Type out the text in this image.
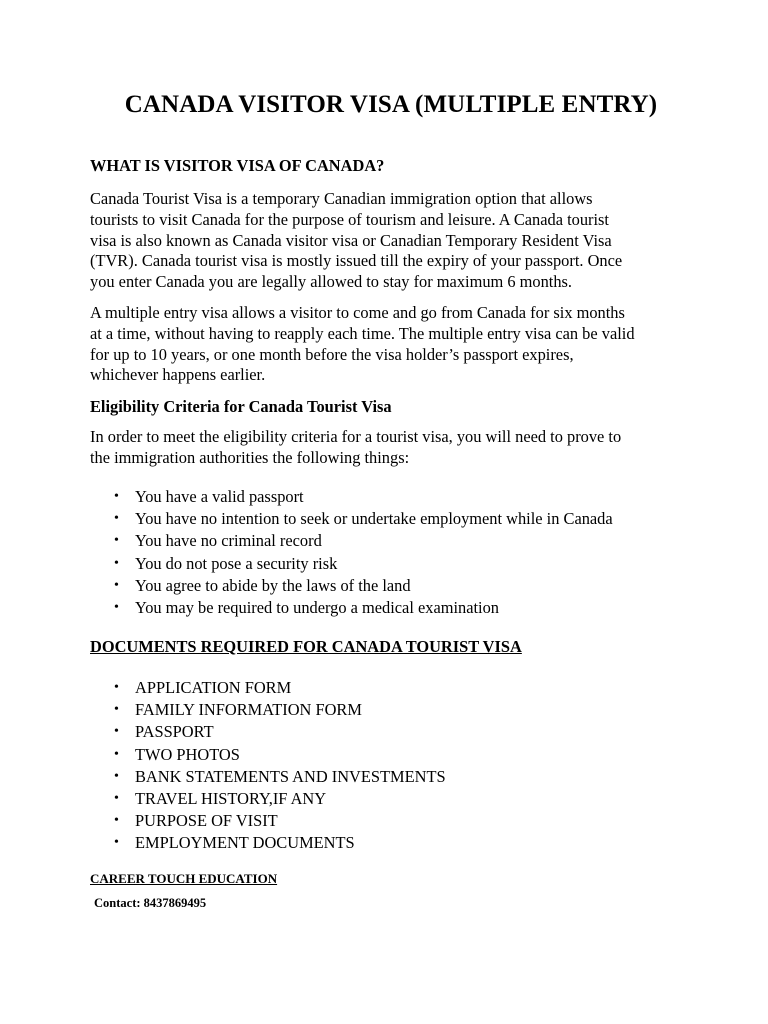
CANADA VISITOR VISA (MULTIPLE ENTRY)
WHAT IS VISITOR VISA OF CANADA?

Canada Tourist Visa is a temporary Canadian immigration option that allows
tourists to visit Canada for the purpose of tourism and leisure. A Canada tourist
visa is also known as Canada visitor visa or Canadian Temporary Resident Visa
(TVR). Canada tourist visa is mostly issued till the expiry of your passport. Once
you enter Canada you are legally allowed to stay for maximum 6 months.

A multiple entry visa allows a visitor to come and go from Canada for six months
at a time, without having to reapply each time. The multiple entry visa can be valid
for up to 10 years, or one month before the visa holder’s passport expires,
whichever happens earlier.

Eligibility Criteria for Canada Tourist Visa

In order to meet the eligibility criteria for a tourist visa, you will need to prove to
the immigration authorities the following things:

• You have a valid passport
• You have no intention to seek or undertake employment while in Canada
• You have no criminal record
• You do not pose a security risk
• You agree to abide by the laws of the land
• You may be required to undergo a medical examination
DOCUMENTS REQUIRED FOR CANADA TOURIST VISA
• APPLICATION FORM
• FAMILY INFORMATION FORM
• PASSPORT
• TWO PHOTOS
• BANK STATEMENTS AND INVESTMENTS
• TRAVEL HISTORY,IF ANY
• PURPOSE OF VISIT
• EMPLOYMENT DOCUMENTS
CAREER TOUCH EDUCATION
Contact: 8437869495
